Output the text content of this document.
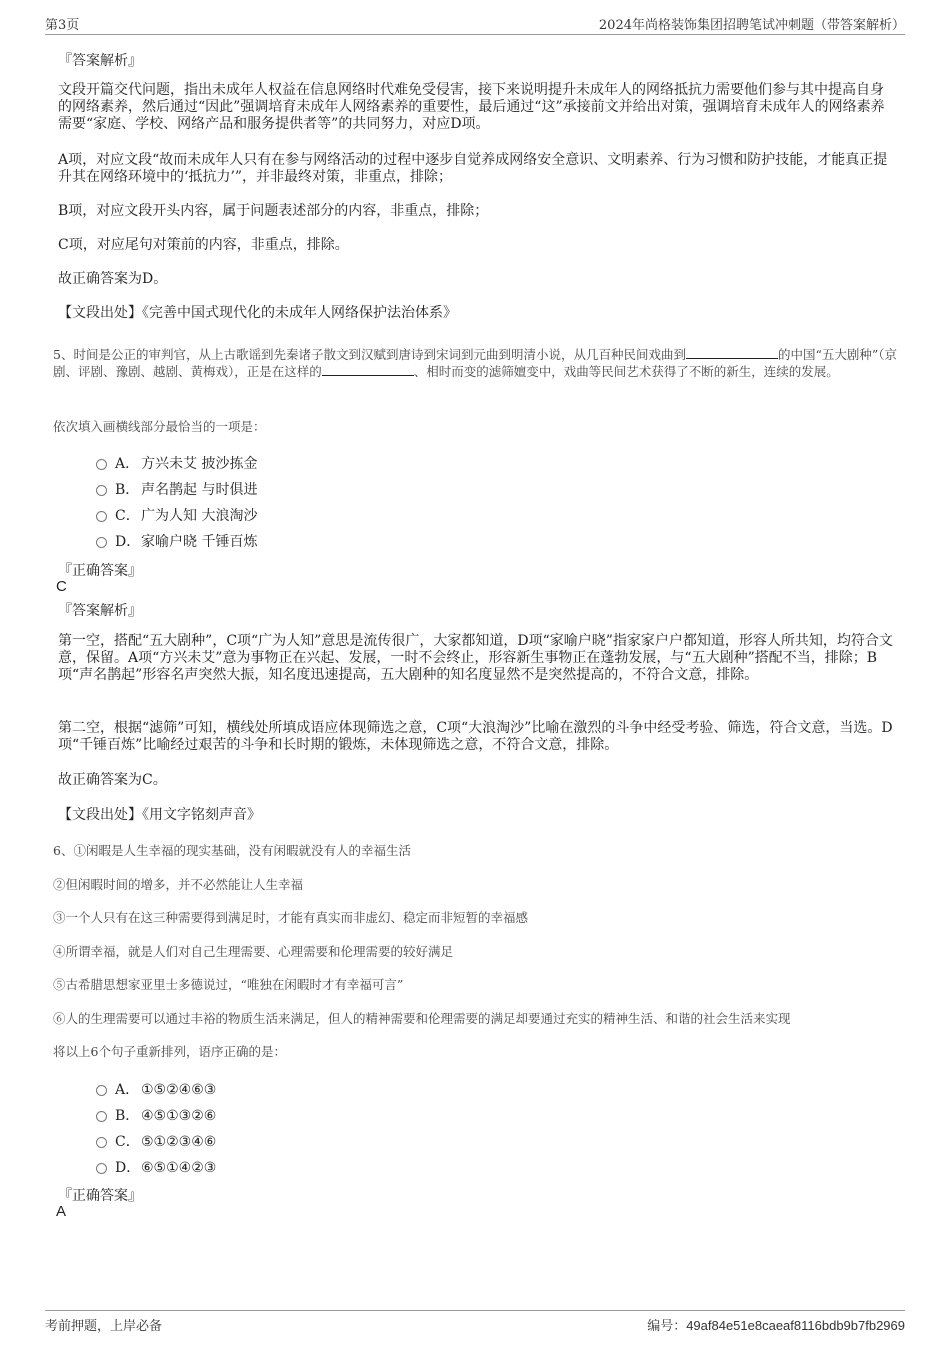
第3页	2024年尚格装饰集团招聘笔试冲刺题（带答案解析）
『答案解析』
文段开篇交代问题，指出未成年人权益在信息网络时代难免受侵害，接下来说明提升未成年人的网络抵抗力需要他们参与其中提高自身的网络素养，然后通过“因此”强调培育未成年人网络素养的重要性，最后通过“这”承接前文并给出对策，强调培育未成年人的网络素养需要“家庭、学校、网络产品和服务提供者等”的共同努力，对应D项。
A项，对应文段“故而未成年人只有在参与网络活动的过程中逐步自觉养成网络安全意识、文明素养、行为习惯和防护技能，才能真正提升其在网络环境中的‘抵抗力’”，并非最终对策，非重点，排除；
B项，对应文段开头内容，属于问题表述部分的内容，非重点，排除；
C项，对应尾句对策前的内容，非重点，排除。
故正确答案为D。
【文段出处】《完善中国式现代化的未成年人网络保护法治体系》
5、时间是公正的审判官，从上古歌谣到先秦诸子散文到汉赋到唐诗到宋词到元曲到明清小说，从几百种民间戏曲到	的中国“五大剧种”（京剧、评剧、豫剧、越剧、黄梅戏），正是在这样的	、相时而变的滤筛嬗变中，戏曲等民间艺术获得了不断的新生，连续的发展。
依次填入画横线部分最恰当的一项是：
A． 方兴未艾 披沙拣金
B． 声名鹊起 与时俱进
C．广为人知 大浪淘沙
D．家喻户晓 千锤百炼
『正确答案』
C
『答案解析』
第一空，搭配“五大剧种”，C项“广为人知”意思是流传很广，大家都知道，D项“家喻户晓”指家家户户都知道，形容人所共知，均符合文意，保留。A项“方兴未艾”意为事物正在兴起、发展，一时不会终止，形容新生事物正在蓬勃发展，与“五大剧种”搭配不当，排除；B项“声名鹊起”形容名声突然大振，知名度迅速提高，五大剧种的知名度显然不是突然提高的，不符合文意，排除。
第二空，根据“滤筛”可知，横线处所填成语应体现筛选之意，C项“大浪淘沙”比喻在激烈的斗争中经受考验、筛选，符合文意，当选。D项“千锤百炼”比喻经过艰苦的斗争和长时期的锻炼，未体现筛选之意，不符合文意，排除。
故正确答案为C。
【文段出处】《用文字铭刻声音》
6、①闲暇是人生幸福的现实基础，没有闲暇就没有人的幸福生活
②但闲暇时间的增多，并不必然能让人生幸福
③一个人只有在这三种需要得到满足时，才能有真实而非虚幻、稳定而非短暂的幸福感
④所谓幸福，就是人们对自己生理需要、心理需要和伦理需要的较好满足
⑤古希腊思想家亚里士多德说过，“唯独在闲暇时才有幸福可言”
⑥人的生理需要可以通过丰裕的物质生活来满足，但人的精神需要和伦理需要的满足却要通过充实的精神生活、和谐的社会生活来实现
将以上6个句子重新排列，语序正确的是：
A． ①⑤②④⑥③
B． ④⑤①③②⑥
C．⑤①②③④⑥
D．⑥⑤①④②③
『正确答案』
A
考前押题，上岸必备	编号：49af84e51e8caeaf8116bdb9b7fb2969
